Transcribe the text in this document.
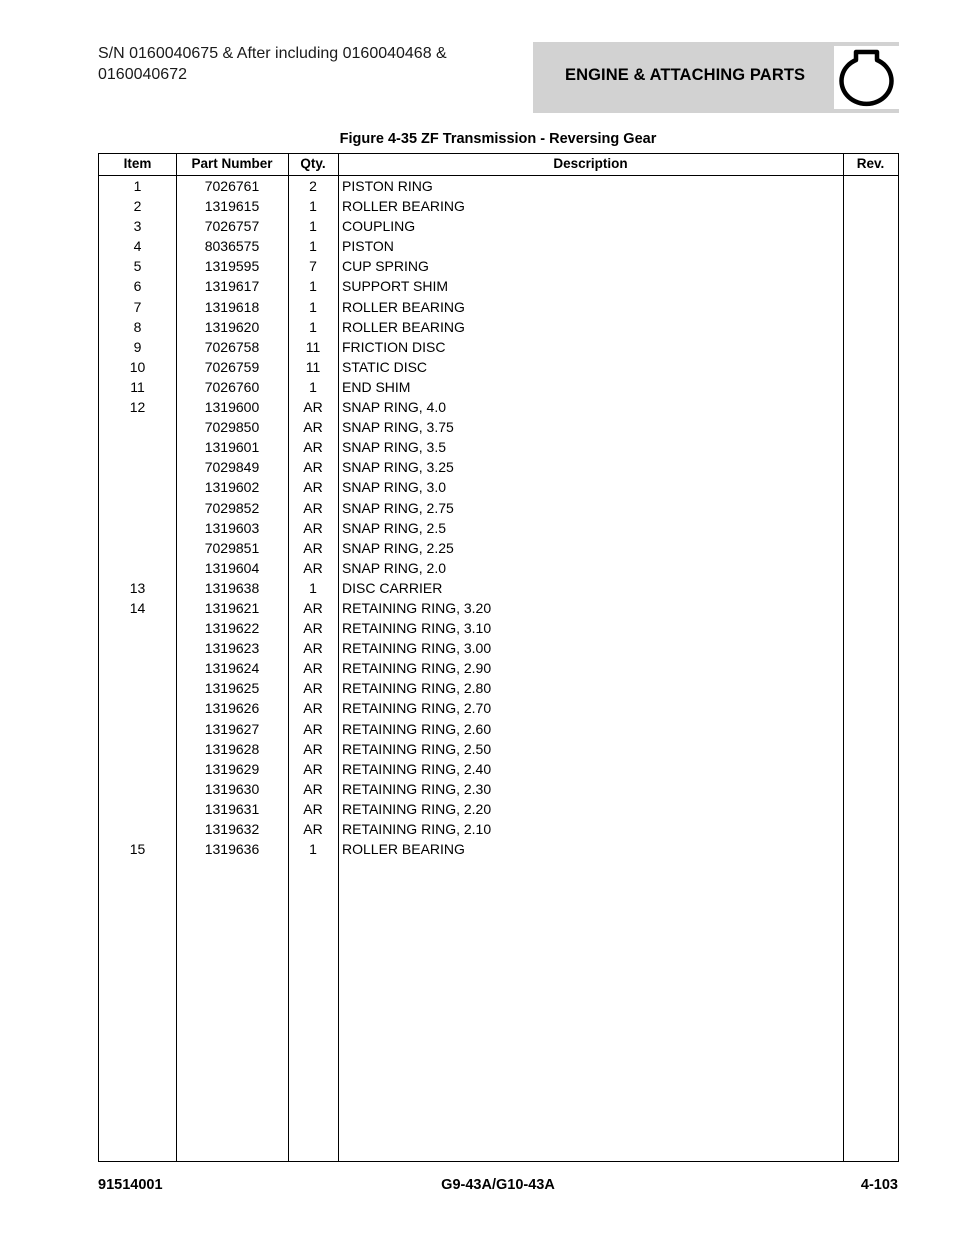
S/N 0160040675 & After including 0160040468 &
0160040672	ENGINE & ATTACHING PARTS
Figure 4-35 ZF Transmission - Reversing Gear
Item	Part Number	Qty.	Description	Rev.
1	7026761	2	PISTON RING
2	1319615	1	ROLLER BEARING
3	7026757	1	COUPLING
4	8036575	1	PISTON
5	1319595	7	CUP SPRING
6	1319617	1	SUPPORT SHIM
7	1319618	1	ROLLER BEARING
8	1319620	1	ROLLER BEARING
9	7026758	11	FRICTION DISC
10	7026759	11	STATIC DISC
11	7026760	1	END SHIM
12	1319600	AR	SNAP RING, 4.0
7029850	AR	SNAP RING, 3.75
1319601	AR	SNAP RING, 3.5
7029849	AR	SNAP RING, 3.25
1319602	AR	SNAP RING, 3.0
7029852	AR	SNAP RING, 2.75
1319603	AR	SNAP RING, 2.5
7029851	AR	SNAP RING, 2.25
1319604	AR	SNAP RING, 2.0
13	1319638	1	DISC CARRIER
14	1319621	AR	RETAINING RING, 3.20
1319622	AR	RETAINING RING, 3.10
1319623	AR	RETAINING RING, 3.00
1319624	AR	RETAINING RING, 2.90
1319625	AR	RETAINING RING, 2.80
1319626	AR	RETAINING RING, 2.70
1319627	AR	RETAINING RING, 2.60
1319628	AR	RETAINING RING, 2.50
1319629	AR	RETAINING RING, 2.40
1319630	AR	RETAINING RING, 2.30
1319631	AR	RETAINING RING, 2.20
1319632	AR	RETAINING RING, 2.10
15	1319636	1	ROLLER BEARING
91514001	G9-43A/G10-43A	4-103
